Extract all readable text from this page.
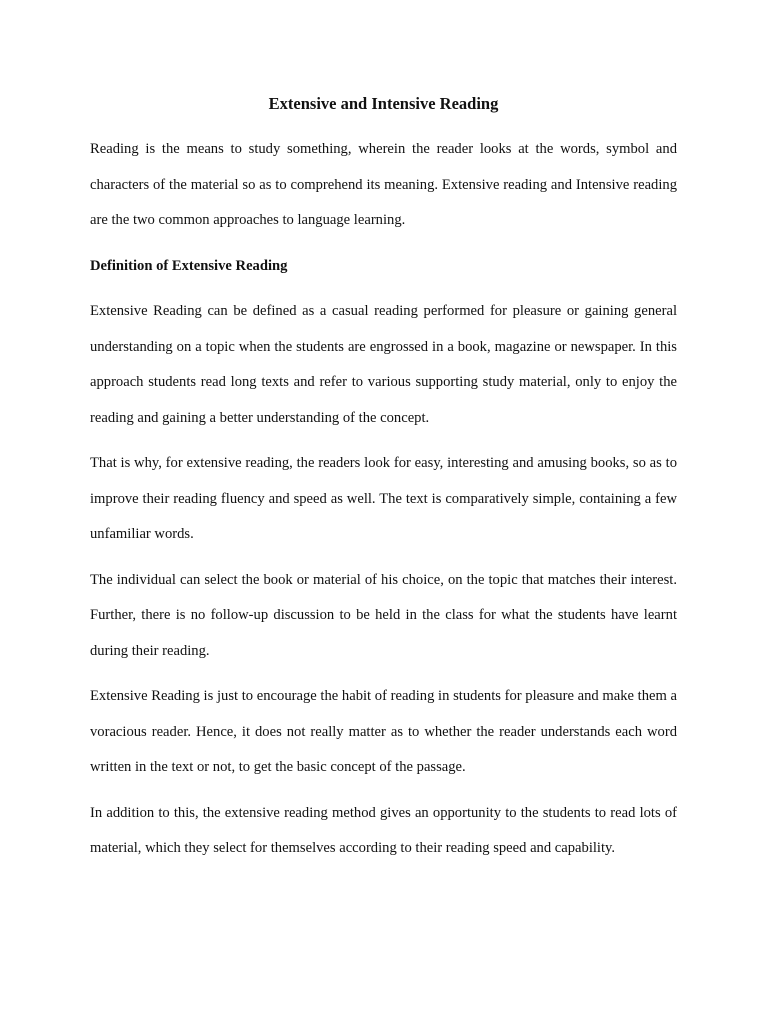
Extensive and Intensive Reading

Reading is the means to study something, wherein the reader looks at the words, symbol and characters of the material so as to comprehend its meaning. Extensive reading and Intensive reading are the two common approaches to language learning.

Definition of Extensive Reading

Extensive Reading can be defined as a casual reading performed for pleasure or gaining general understanding on a topic when the students are engrossed in a book, magazine or newspaper. In this approach students read long texts and refer to various supporting study material, only to enjoy the reading and gaining a better understanding of the concept.

That is why, for extensive reading, the readers look for easy, interesting and amusing books, so as to improve their reading fluency and speed as well. The text is comparatively simple, containing a few unfamiliar words.

The individual can select the book or material of his choice, on the topic that matches their interest. Further, there is no follow-up discussion to be held in the class for what the students have learnt during their reading.

Extensive Reading is just to encourage the habit of reading in students for pleasure and make them a voracious reader. Hence, it does not really matter as to whether the reader understands each word written in the text or not, to get the basic concept of the passage.

In addition to this, the extensive reading method gives an opportunity to the students to read lots of material, which they select for themselves according to their reading speed and capability.
